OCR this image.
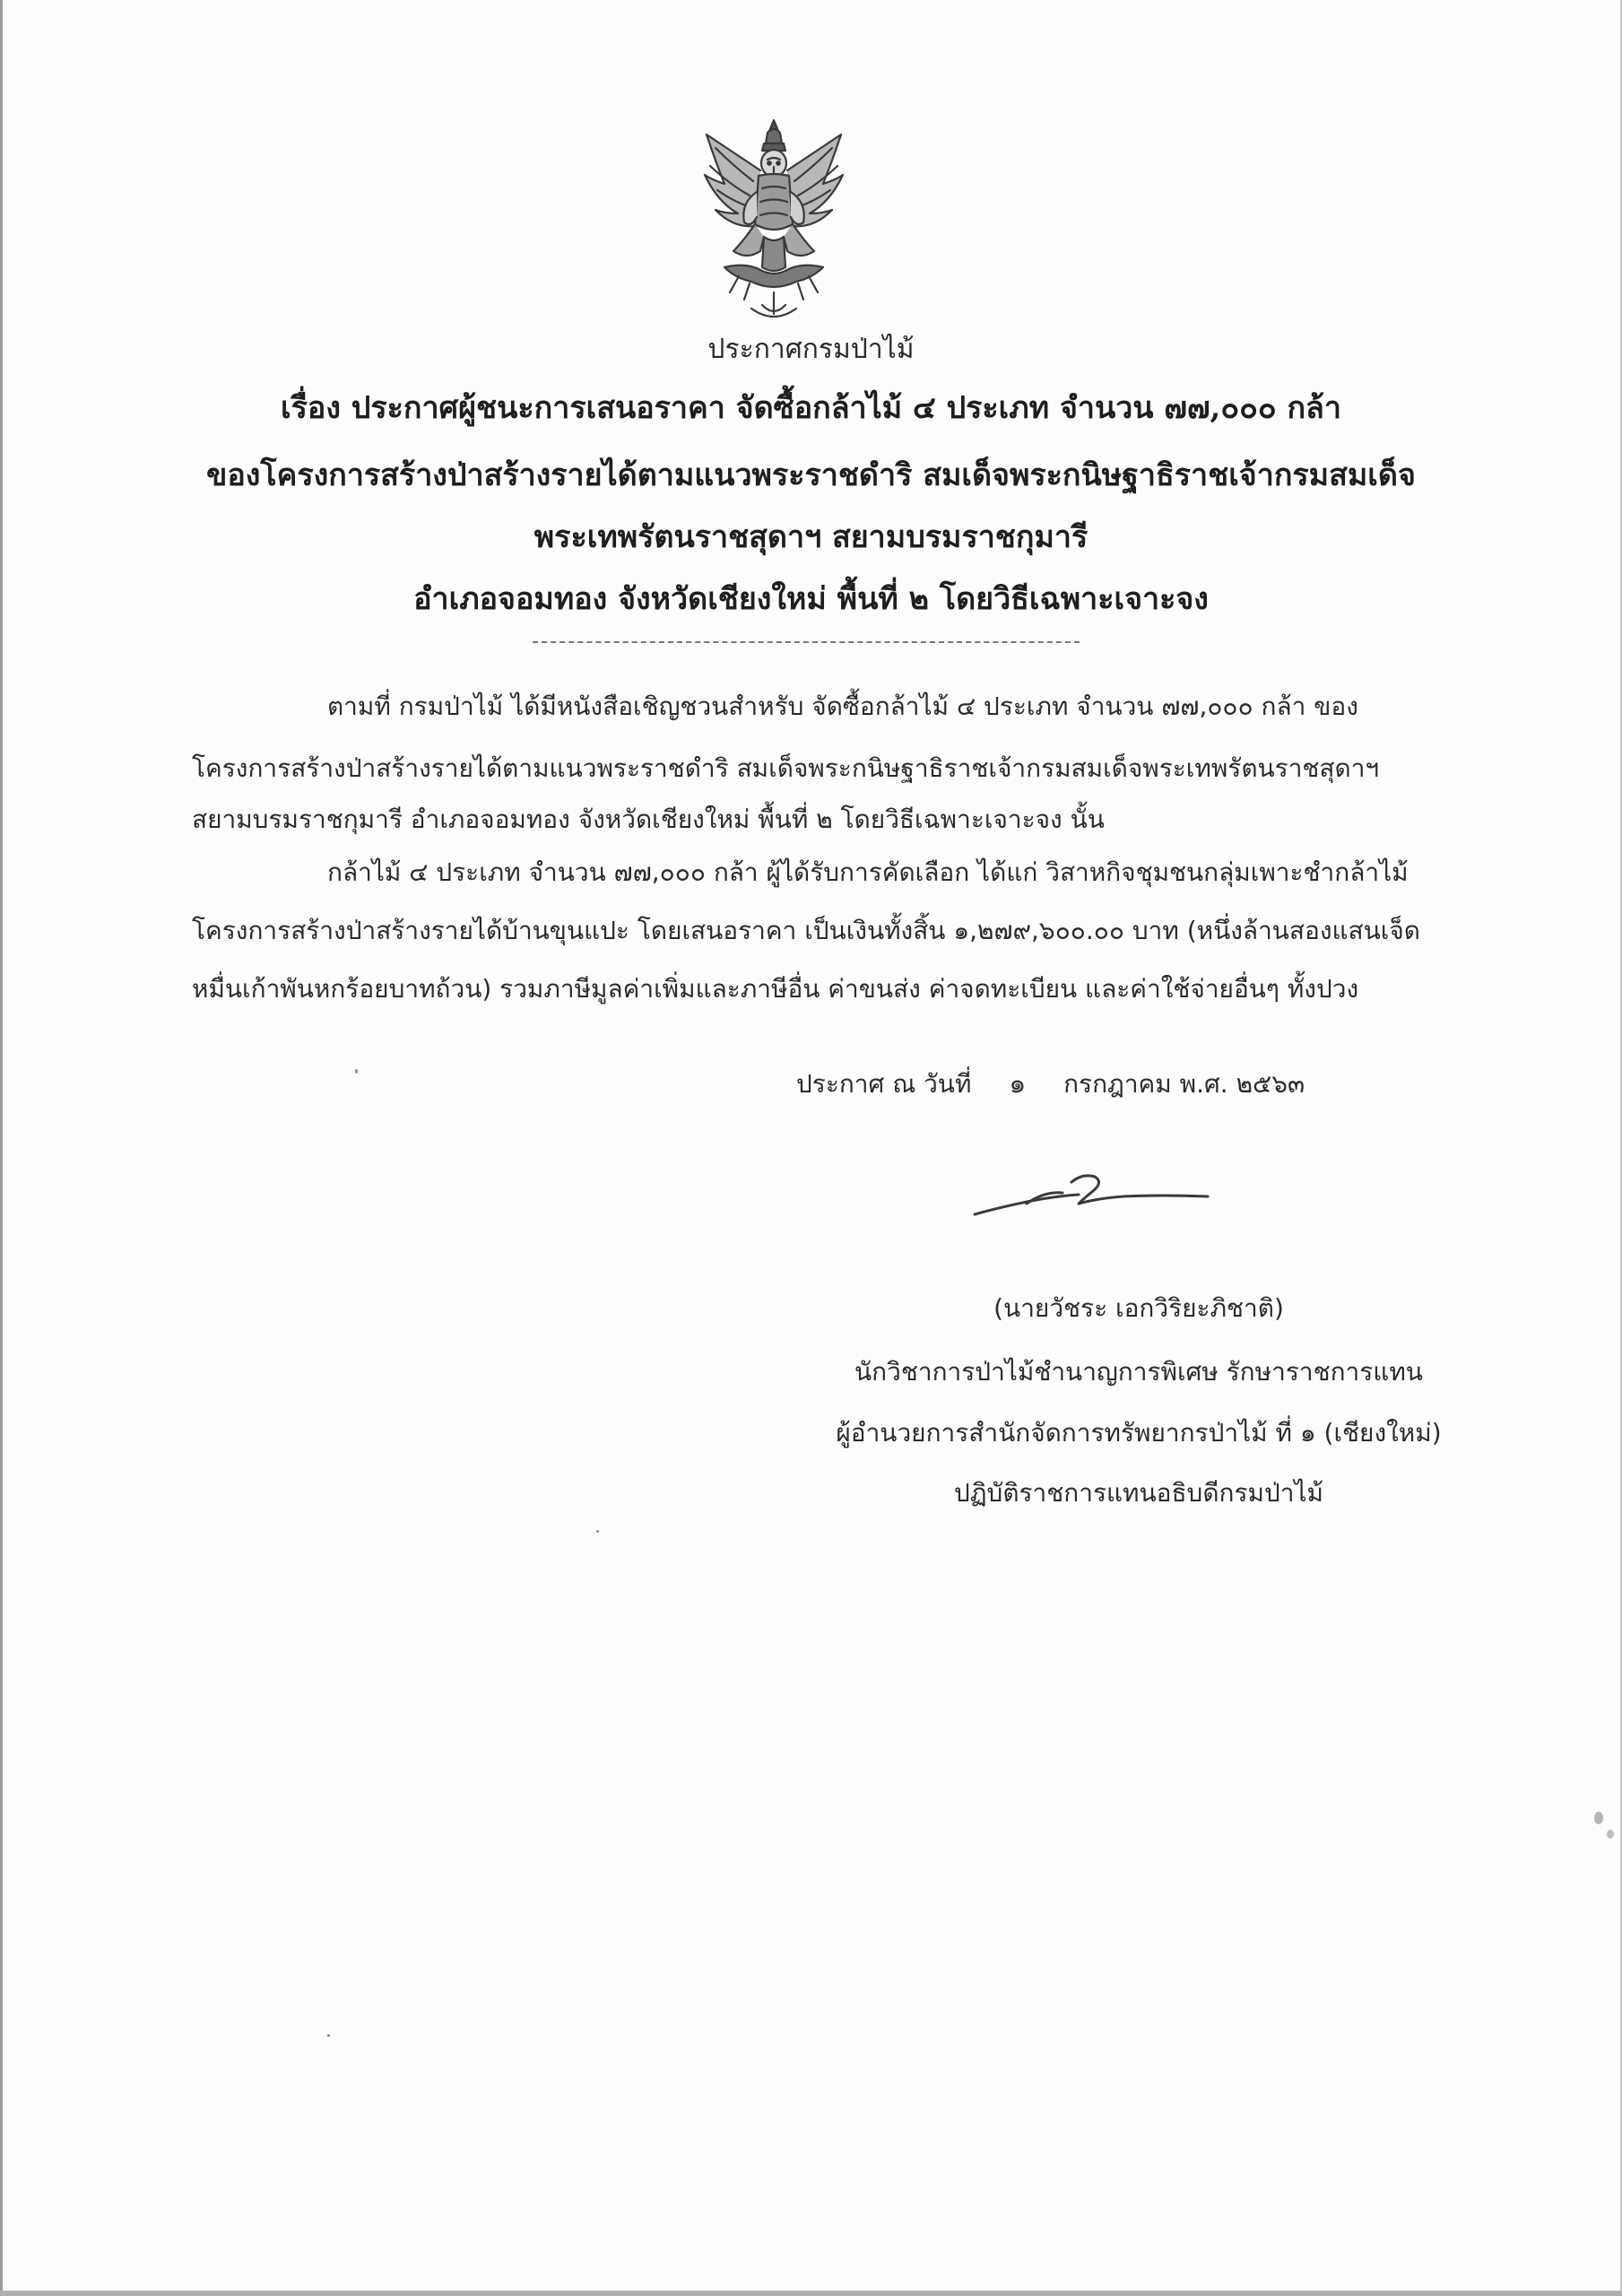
ประกาศกรมป่าไม้
เรื่อง ประกาศผู้ชนะการเสนอราคา จัดซื้อกล้าไม้ ๔ ประเภท จำนวน ๗๗,๐๐๐ กล้า
ของโครงการสร้างป่าสร้างรายได้ตามแนวพระราชดำริ สมเด็จพระกนิษฐาธิราชเจ้ากรมสมเด็จ
พระเทพรัตนราชสุดาฯ สยามบรมราชกุมารี
อำเภอจอมทอง จังหวัดเชียงใหม่ พื้นที่ ๒ โดยวิธีเฉพาะเจาะจง
ตามที่ กรมป่าไม้ ได้มีหนังสือเชิญชวนสำหรับ จัดซื้อกล้าไม้ ๔ ประเภท จำนวน ๗๗,๐๐๐ กล้า ของ
โครงการสร้างป่าสร้างรายได้ตามแนวพระราชดำริ สมเด็จพระกนิษฐาธิราชเจ้ากรมสมเด็จพระเทพรัตนราชสุดาฯ
สยามบรมราชกุมารี อำเภอจอมทอง จังหวัดเชียงใหม่ พื้นที่ ๒ โดยวิธีเฉพาะเจาะจง นั้น
กล้าไม้ ๔ ประเภท จำนวน ๗๗,๐๐๐ กล้า ผู้ได้รับการคัดเลือก ได้แก่ วิสาหกิจชุมชนกลุ่มเพาะชำกล้าไม้
โครงการสร้างป่าสร้างรายได้บ้านขุนแปะ โดยเสนอราคา เป็นเงินทั้งสิ้น ๑,๒๗๙,๖๐๐.๐๐ บาท (หนึ่งล้านสองแสนเจ็ด
หมื่นเก้าพันหกร้อยบาทถ้วน) รวมภาษีมูลค่าเพิ่มและภาษีอื่น ค่าขนส่ง ค่าจดทะเบียน และค่าใช้จ่ายอื่นๆ ทั้งปวง
ประกาศ ณ วันที่ ๑ กรกฎาคม พ.ศ. ๒๕๖๓
(นายวัชระ เอกวิริยะภิชาติ)
นักวิชาการป่าไม้ชำนาญการพิเศษ รักษาราชการแทน
ผู้อำนวยการสำนักจัดการทรัพยากรป่าไม้ ที่ ๑ (เชียงใหม่)
ปฏิบัติราชการแทนอธิบดีกรมป่าไม้
